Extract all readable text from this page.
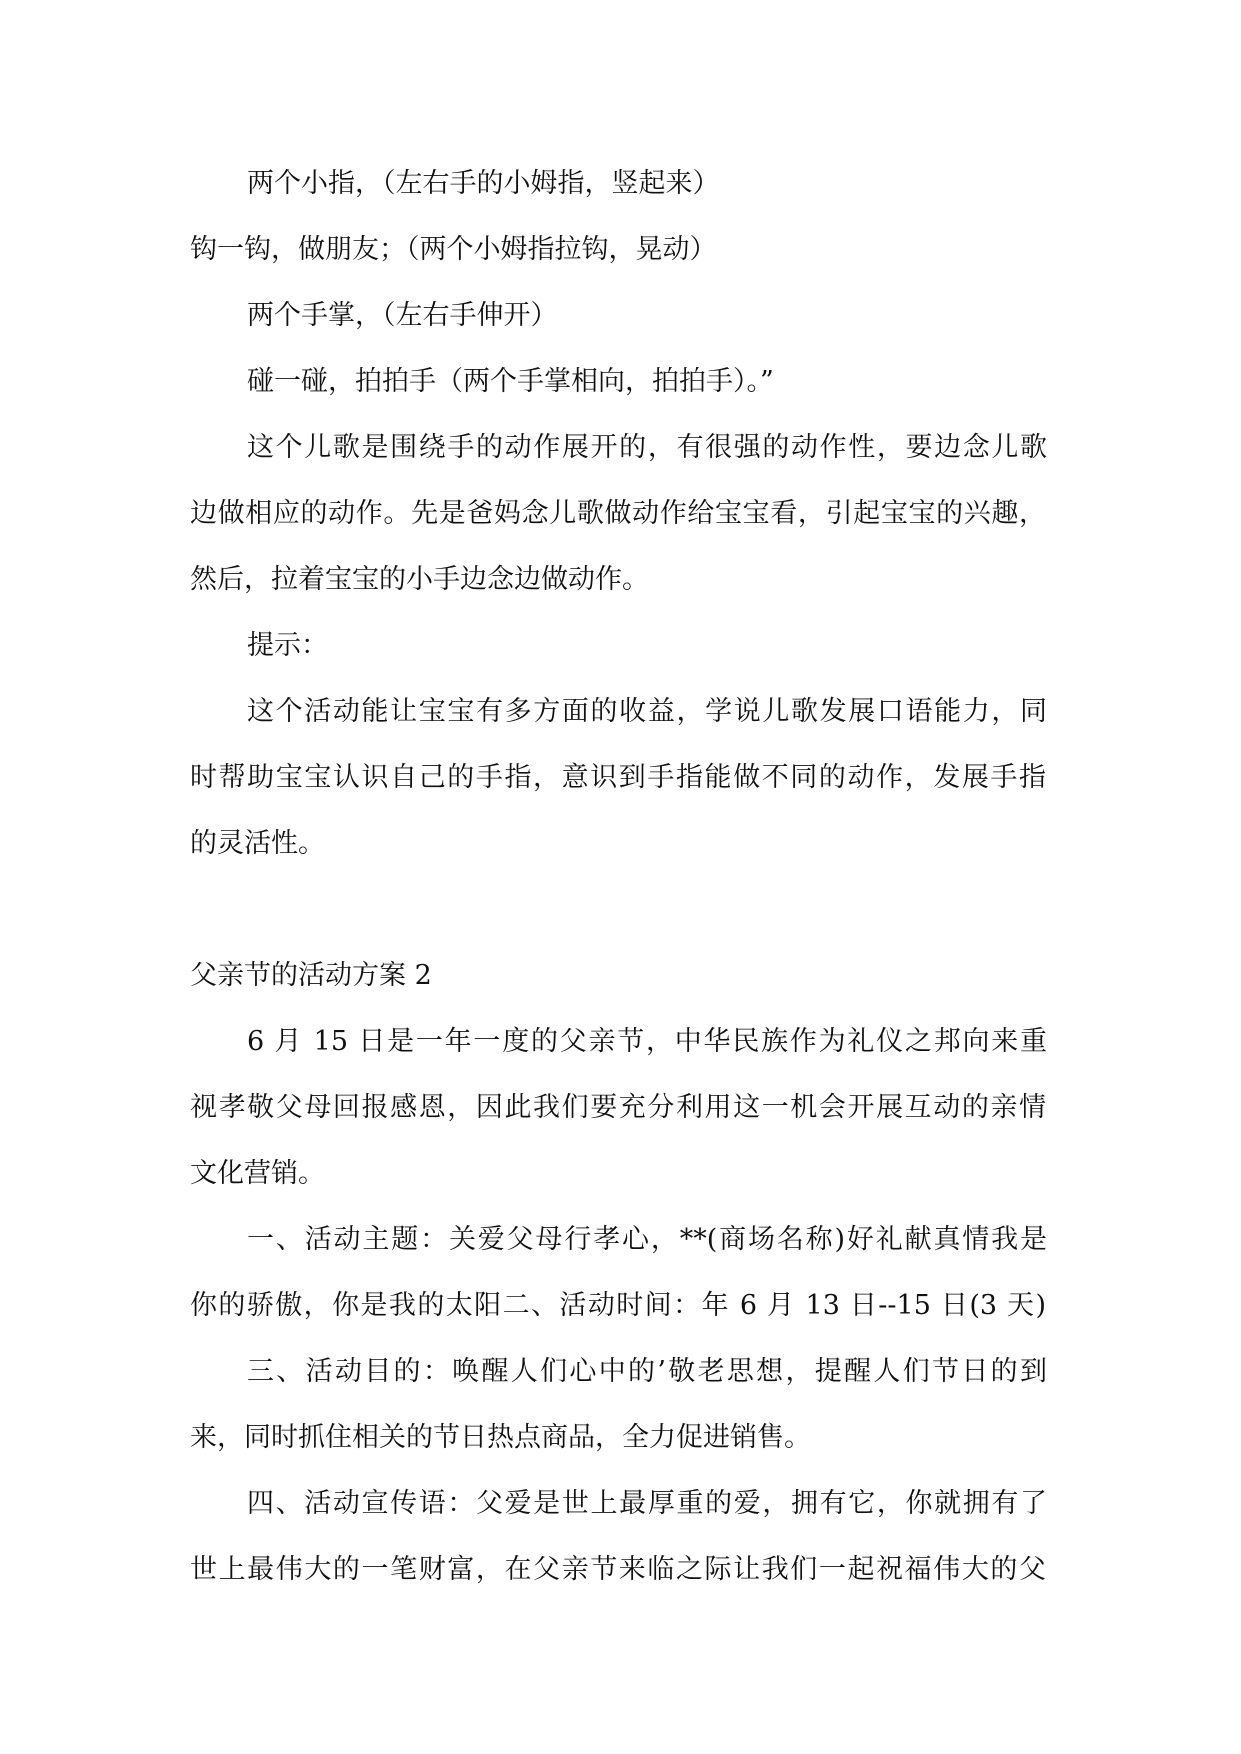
两个小指，（左右手的小姆指，竖起来）
钩一钩，做朋友；（两个小姆指拉钩，晃动）
两个手掌，（左右手伸开）
碰一碰，拍拍手（两个手掌相向，拍拍手）。”
这个儿歌是围绕手的动作展开的，有很强的动作性，要边念儿歌
边做相应的动作。先是爸妈念儿歌做动作给宝宝看，引起宝宝的兴趣，
然后，拉着宝宝的小手边念边做动作。
提示：
这个活动能让宝宝有多方面的收益，学说儿歌发展口语能力，同
时帮助宝宝认识自己的手指，意识到手指能做不同的动作，发展手指
的灵活性。
父亲节的活动方案 2
6 月 15 日是一年一度的父亲节，中华民族作为礼仪之邦向来重
视孝敬父母回报感恩，因此我们要充分利用这一机会开展互动的亲情
文化营销。
一、活动主题：关爱父母行孝心，**(商场名称)好礼献真情我是
你的骄傲，你是我的太阳二、活动时间：年 6 月 13 日--15 日(3 天)
三、活动目的：唤醒人们心中的’敬老思想，提醒人们节日的到
来，同时抓住相关的节日热点商品，全力促进销售。
四、活动宣传语：父爱是世上最厚重的爱，拥有它，你就拥有了
世上最伟大的一笔财富，在父亲节来临之际让我们一起祝福伟大的父
